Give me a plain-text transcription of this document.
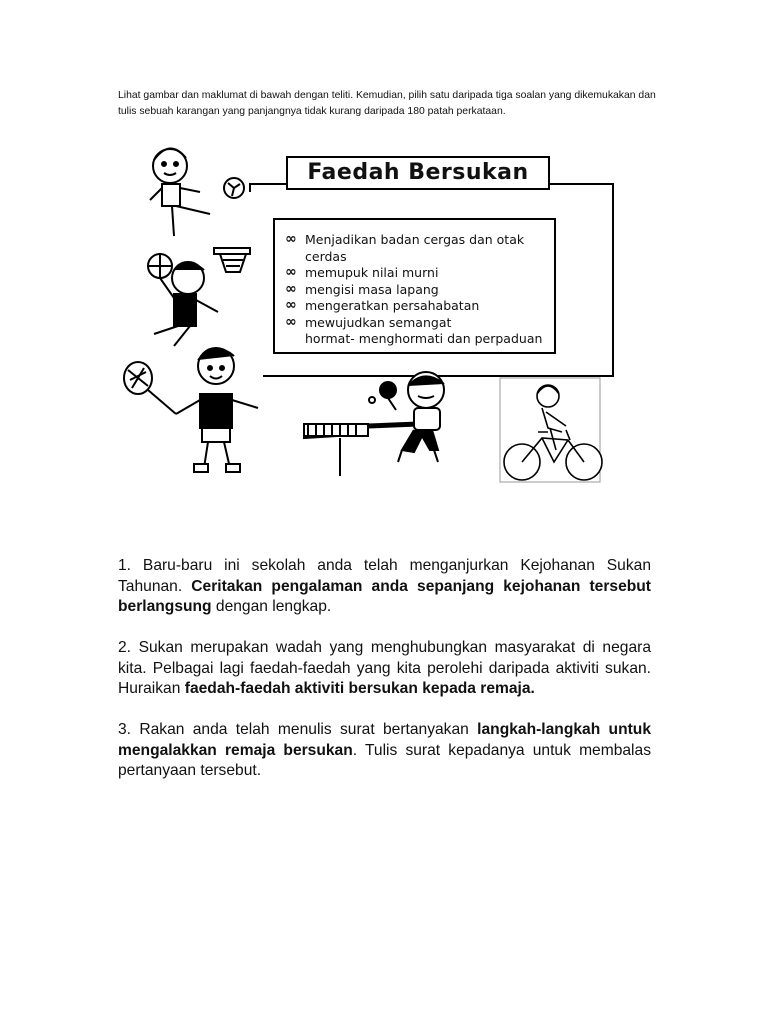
Lihat gambar dan maklumat di bawah dengan teliti. Kemudian, pilih satu daripada tiga soalan yang dikemukakan dan tulis sebuah karangan yang panjangnya tidak kurang daripada 180 patah perkataan.
Faedah Bersukan
∞ Menjadikan badan cergas dan otak cerdas
∞ memupuk nilai murni
∞ mengisi masa lapang
∞ mengeratkan persahabatan
∞ mewujudkan semangat
hormat- menghormati dan perpaduan

1. Baru-baru ini sekolah anda telah menganjurkan Kejohanan Sukan Tahunan. Ceritakan pengalaman anda sepanjang kejohanan tersebut berlangsung dengan lengkap.

2. Sukan merupakan wadah yang menghubungkan masyarakat di negara kita. Pelbagai lagi faedah-faedah yang kita perolehi daripada aktiviti sukan. Huraikan faedah-faedah aktiviti bersukan kepada remaja.

3. Rakan anda telah menulis surat bertanyakan langkah-langkah untuk mengalakkan remaja bersukan. Tulis surat kepadanya untuk membalas pertanyaan tersebut.
